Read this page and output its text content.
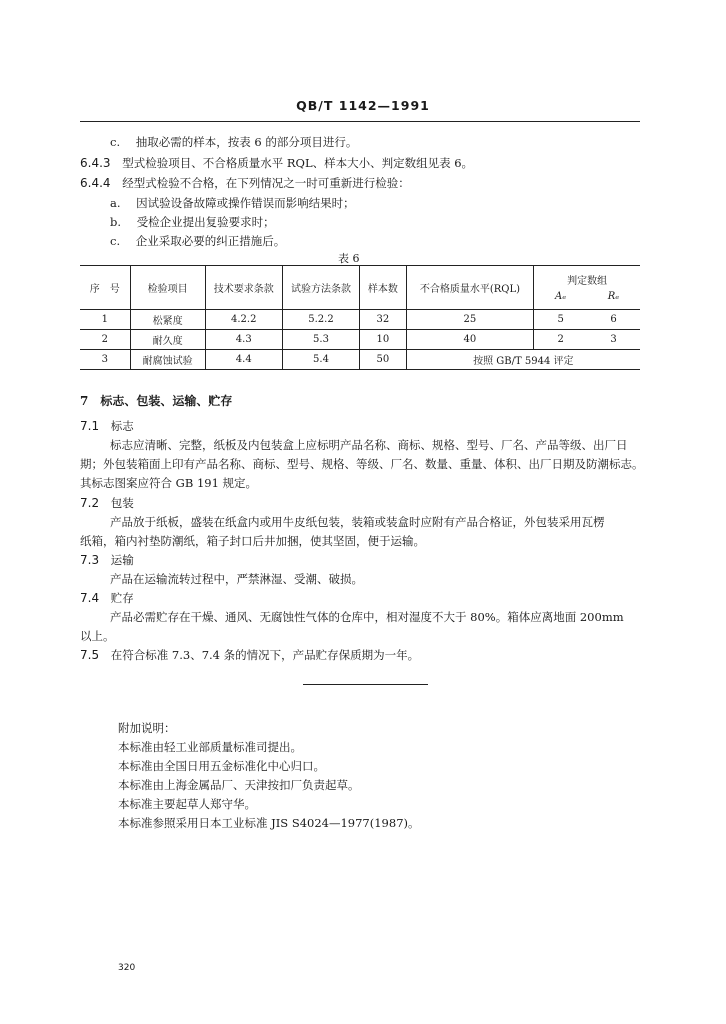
QB/T 1142—1991
c. 抽取必需的样本，按表 6 的部分项目进行。
6.4.3 型式检验项目、不合格质量水平 RQL、样本大小、判定数组见表 6。
6.4.4 经型式检验不合格，在下列情况之一时可重新进行检验：
a. 因试验设备故障或操作错误而影响结果时；
b. 受检企业提出复验要求时；
c. 企业采取必要的纠正措施后。
表 6
序　号	检验项目	技术要求条款	试验方法条款	样本数	不合格质量水平(RQL)	判定数组
Aₑ Rₑ

1	松紧度	4.2.2	5.2.2	32	25	5 6

2	耐久度	4.3	5.3	10	40	2 3

3	耐腐蚀试验	4.4	5.4	50	按照 GB/T 5944 评定	
7　标志、包装、运输、贮存
7.1 标志
标志应清晰、完整，纸板及内包装盒上应标明产品名称、商标、规格、型号、厂名、产品等级、出厂日
期；外包装箱面上印有产品名称、商标、型号、规格、等级、厂名、数量、重量、体积、出厂日期及防潮标志。
其标志图案应符合 GB 191 规定。
7.2 包装
产品放于纸板，盛装在纸盒内或用牛皮纸包装，装箱或装盒时应附有产品合格证，外包装采用瓦楞
纸箱，箱内衬垫防潮纸，箱子封口后井加捆，使其坚固，便于运输。
7.3 运输
产品在运输流转过程中，严禁淋湿、受潮、破损。
7.4 贮存
产品必需贮存在干燥、通风、无腐蚀性气体的仓库中，相对湿度不大于 80%。箱体应离地面 200mm
以上。
7.5 在符合标准 7.3、7.4 条的情况下，产品贮存保质期为一年。
附加说明：
本标准由轻工业部质量标准司提出。
本标准由全国日用五金标准化中心归口。
本标准由上海金属品厂、天津按扣厂负责起草。
本标准主要起草人郑守华。
本标准参照采用日本工业标准 JIS S4024—1977(1987)。
320
